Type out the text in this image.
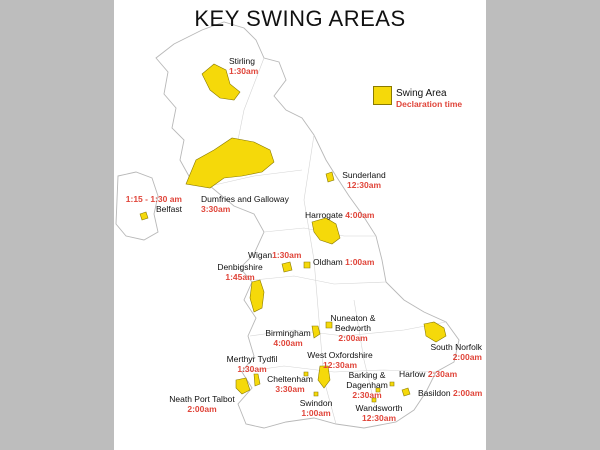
KEY SWING AREAS
Swing Area
Declaration time
Stirling
1:30am
Sunderland
12:30am
Dumfries and Galloway
3:30am
1:15 - 1:30 am
Belfast
Harrogate 4:00am
Wigan1:30am
Oldham 1:00am
Denbigshire
1:45am
Birmingham
4:00am
Nuneaton & Bedworth
2:00am
South Norfolk
2:00am
West Oxfordshire
12:30am
Merthyr Tydfil
1:30am
Cheltenham
3:30am
Barking & Dagenham
2:30am
Harlow 2:30am
Basildon 2:00am
Neath Port Talbot
2:00am
Swindon
1:00am	Wandsworth
12:30am
